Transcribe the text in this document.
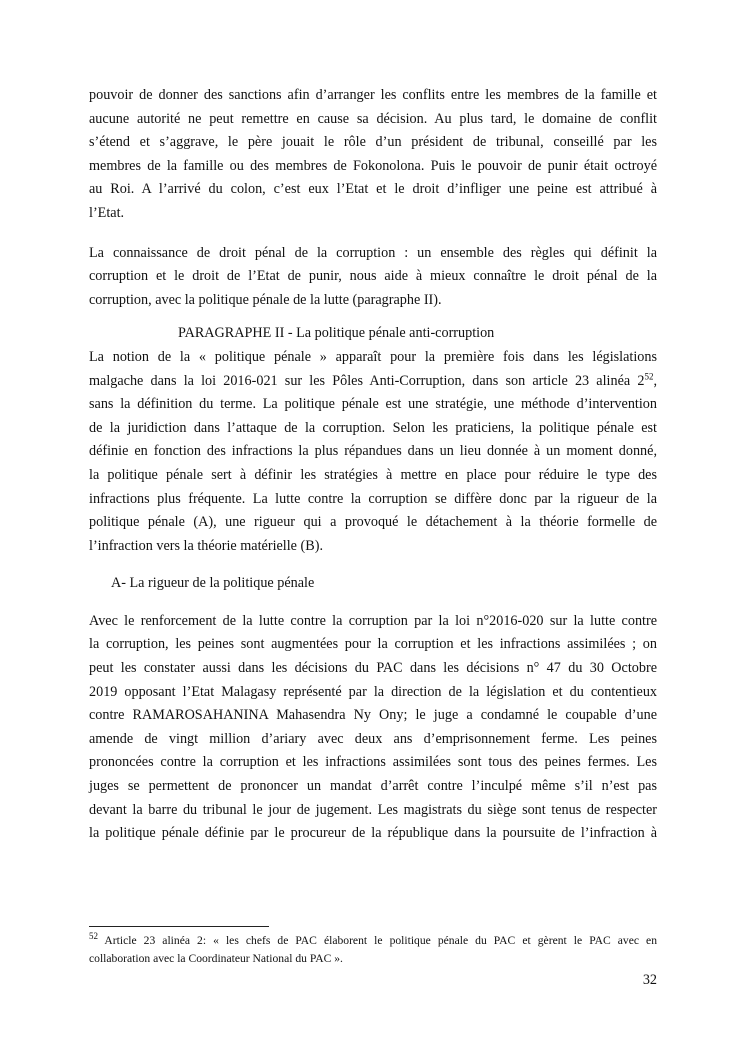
pouvoir de donner des sanctions afin d’arranger les conflits entre les membres de la famille et
aucune autorité ne peut remettre en cause sa décision. Au plus tard, le domaine de conflit
s’étend et s’aggrave, le père jouait le rôle d’un président de tribunal, conseillé par les
membres de la famille ou des membres de Fokonolona. Puis le pouvoir de punir était octroyé
au Roi. A l’arrivé du colon, c’est eux l’Etat et le droit d’infliger une peine est attribué à
l’Etat.
La connaissance de droit pénal de la corruption : un ensemble des règles qui définit la
corruption et le droit de l’Etat de punir, nous aide à mieux connaître le droit pénal de la
corruption, avec la politique pénale de la lutte (paragraphe II).
PARAGRAPHE II - La politique pénale anti-corruption
La notion de la « politique pénale » apparaît pour la première fois dans les législations
malgache dans la loi 2016-021 sur les Pôles Anti-Corruption, dans son article 23 alinéa $2^{52}$,
sans la définition du terme. La politique pénale est une stratégie, une méthode d’intervention
de la juridiction dans l’attaque de la corruption. Selon les praticiens, la politique pénale est
définie en fonction des infractions la plus répandues dans un lieu donnée à un moment donné,
la politique pénale sert à définir les stratégies à mettre en place pour réduire le type des
infractions plus fréquente. La lutte contre la corruption se diffère donc par la rigueur de la
politique pénale (A), une rigueur qui a provoqué le détachement à la théorie formelle de
l’infraction vers la théorie matérielle (B).
A- La rigueur de la politique pénale
Avec le renforcement de la lutte contre la corruption par la loi n°2016-020 sur la lutte contre
la corruption, les peines sont augmentées pour la corruption et les infractions assimilées ; on
peut les constater aussi dans les décisions du PAC dans les décisions n° 47 du 30 Octobre
2019 opposant l’Etat Malagasy représenté par la direction de la législation et du contentieux
contre RAMAROSAHANINA Mahasendra Ny Ony; le juge a condamné le coupable d’une
amende de vingt million d’ariary avec deux ans d’emprisonnement ferme. Les peines
prononcées contre la corruption et les infractions assimilées sont tous des peines fermes. Les
juges se permettent de prononcer un mandat d’arrêt contre l’inculpé même s’il n’est pas
devant la barre du tribunal le jour de jugement. Les magistrats du siège sont tenus de respecter
la politique pénale définie par le procureur de la république dans la poursuite de l’infraction à
$^{52}$ Article 23 alinéa 2: « les chefs de PAC élaborent le politique pénale du PAC et gèrent le PAC avec en
collaboration avec la Coordinateur National du PAC ».
32
